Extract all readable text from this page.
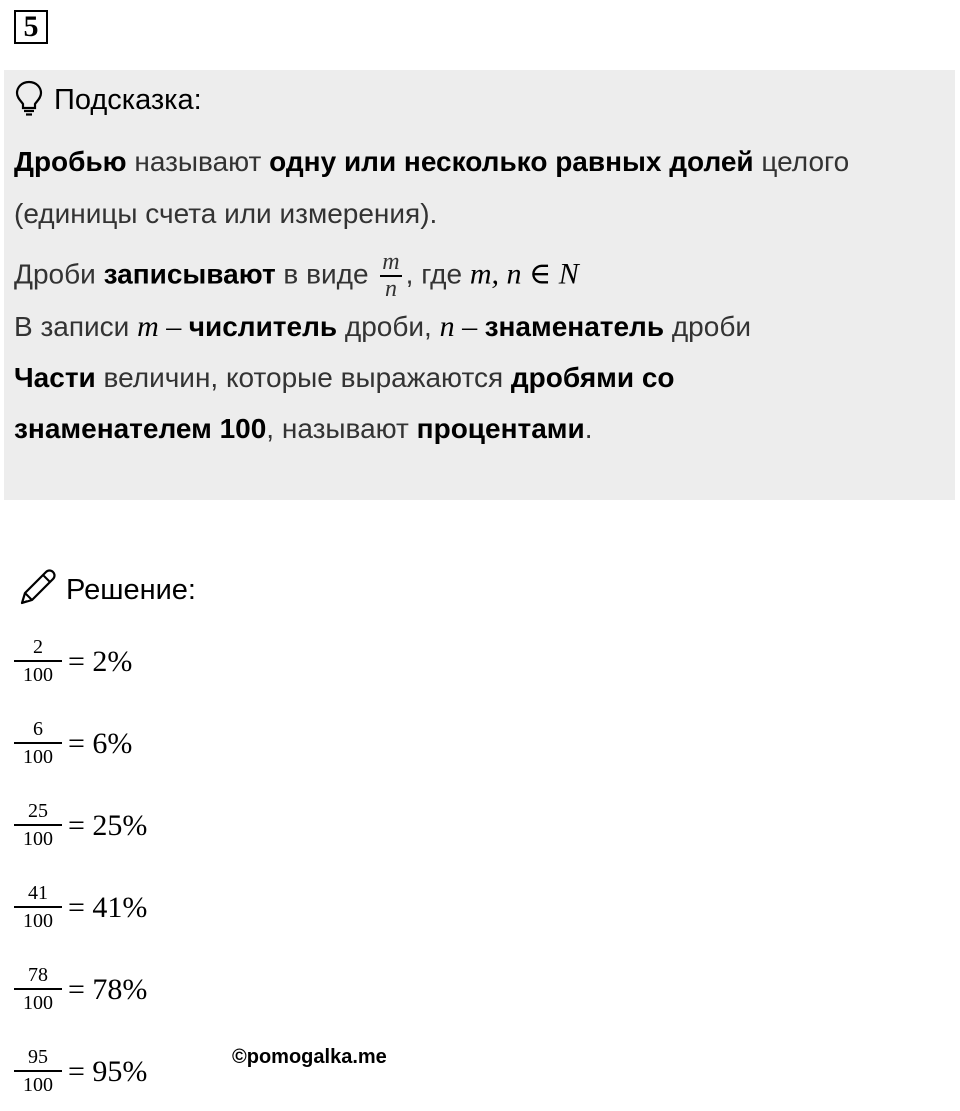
5
Подсказка:
Дробью называют одну или несколько равных долей целого
(единицы счета или измерения).
Дроби записывают в виде $\frac{m}{n}$ , где m, n ∈ N
В записи m – числитель дроби, n – знаменатель дроби
Части величин, которые выражаются дробями со
знаменателем 100, называют процентами.
Решение:
$\frac{2}{100} = 2\%$
$\frac{6}{100} = 6\%$
$\frac{25}{100} = 25\%$
$\frac{41}{100} = 41\%$
$\frac{78}{100} = 78\%$
$\frac{95}{100} = 95\%$	©pomogalka.me
